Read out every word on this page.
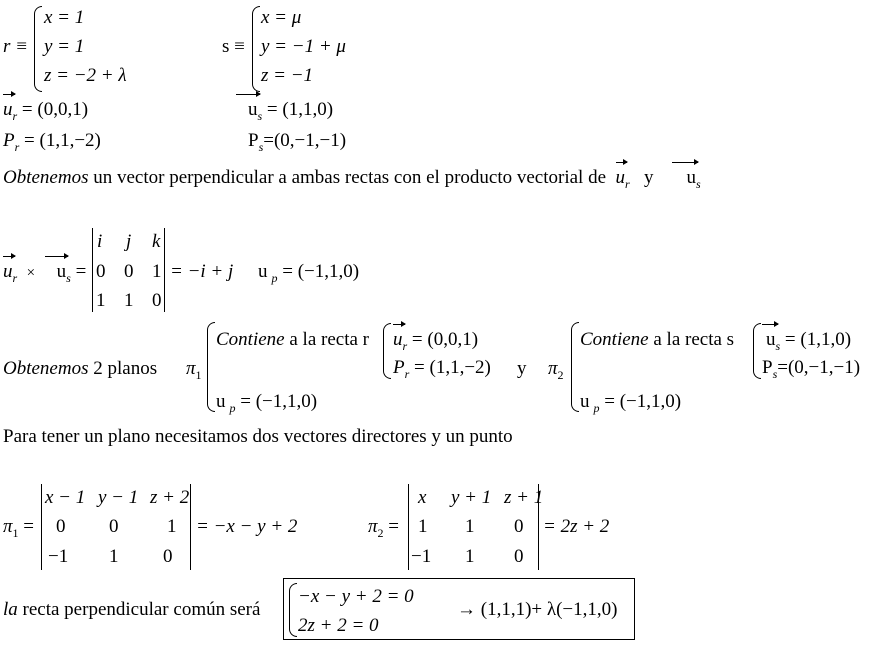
r ≡
x = 1
y = 1
z = −2 + λ
$u_r = (0,0,1)$
$P_r = (1,1,-2)$
s ≡
x = μ
y = −1 + μ
z = −1
$u_s = (1,1,0)$
$P_s=(0,-1,-1)$
Obtenemos un vector perpendicular a ambas rectas con el producto vectorial de $u_r$ y $u_s$
$u_r \times u_s$ =
i j k
0 0 1
1 1 0
= −i + j u $_p$ = (−1,1,0)
Obtenemos 2 planos $\pi_1$
Contiene a la recta r $u_r = (0,0,1)$
$P_r = (1,1,-2)$
u $_p$ = (−1,1,0)
y $\pi_2$
Contiene a la recta s $u_s = (1,1,0)$
$P_s=(0,-1,-1)$
u $_p$ = (−1,1,0)
Para tener un plano necesitamos dos vectores directores y un punto
$\pi_1$ =
x − 1 y − 1 z + 2
0 0	1
−1 1 0
= −x − y + 2	$\pi_2$ =
x y + 1 z + 1
1 1 0
−1 1 0
= 2z + 2
la recta perpendicular común será
−x − y + 2 = 0
2z + 2 = 0
→ (1,1,1)+ λ(−1,1,0)
